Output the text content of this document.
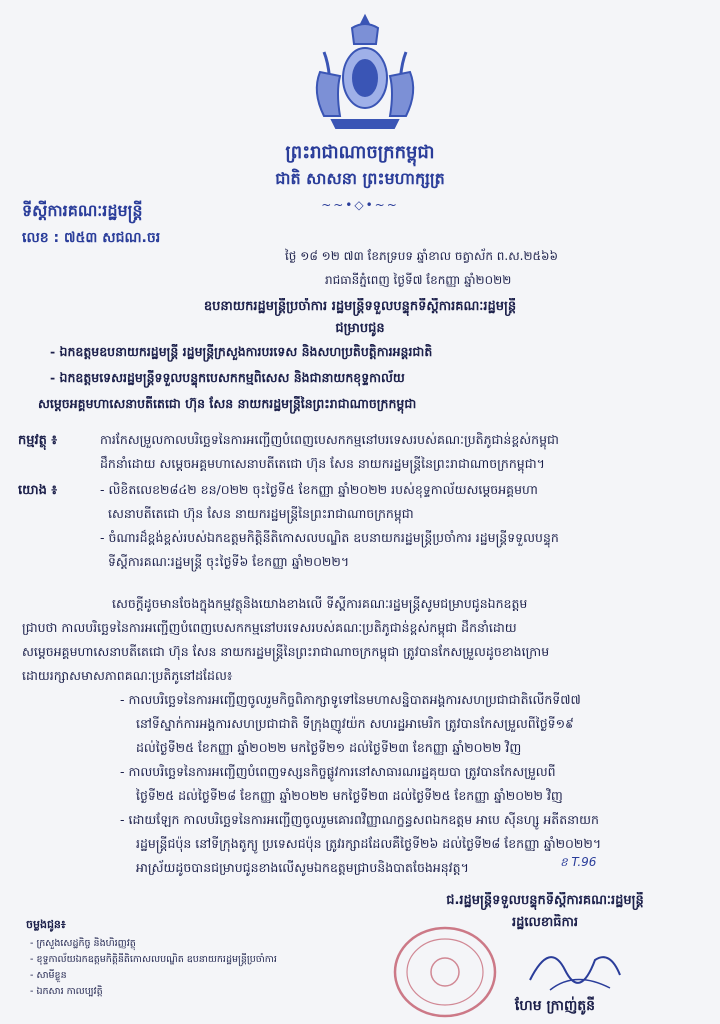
ព្រះរាជាណាចក្រកម្ពុជា
ជាតិ សាសនា ព្រះមហាក្សត្រ
~~•◇•~~
ទីស្ដីការគណៈរដ្ឋមន្ត្រី
លេខ : ៧៥៣ សជណ.ចរ
ថ្ងៃ ១៨ ១២ ៧៣ ខែភទ្របទ ឆ្នាំខាល ចត្វាស័ក ព.ស.២៥៦៦
រាជធានីភ្នំពេញ ថ្ងៃទី៧ ខែកញ្ញា ឆ្នាំ២០២២
ឧបនាយករដ្ឋមន្ត្រីប្រចាំការ រដ្ឋមន្ត្រីទទួលបន្ទុកទីស្ដីការគណៈរដ្ឋមន្ត្រី
ជម្រាបជូន
- ឯកឧត្តមឧបនាយករដ្ឋមន្ត្រី រដ្ឋមន្ត្រីក្រសួងការបរទេស និងសហប្រតិបត្តិការអន្តរជាតិ
- ឯកឧត្តមទេសរដ្ឋមន្ត្រីទទួលបន្ទុកបេសកកម្មពិសេស និងជានាយកខុទ្ទកាល័យ
សម្ដេចអគ្គមហាសេនាបតីតេជោ ហ៊ុន សែន នាយករដ្ឋមន្ត្រីនៃព្រះរាជាណាចក្រកម្ពុជា
កម្មវត្ថុ ៖	ការកែសម្រួលកាលបរិច្ឆេទនៃការអញ្ជើញបំពេញបេសកកម្មនៅបរទេសរបស់គណៈប្រតិភូជាន់ខ្ពស់កម្ពុជា
ដឹកនាំដោយ សម្ដេចអគ្គមហាសេនាបតីតេជោ ហ៊ុន សែន នាយករដ្ឋមន្ត្រីនៃព្រះរាជាណាចក្រកម្ពុជា។
យោង ៖	- លិខិតលេខ២៨៤២ ខន/០២២ ចុះថ្ងៃទី៥ ខែកញ្ញា ឆ្នាំ២០២២ របស់ខុទ្ទកាល័យសម្ដេចអគ្គមហា
សេនាបតីតេជោ ហ៊ុន សែន នាយករដ្ឋមន្ត្រីនៃព្រះរាជាណាចក្រកម្ពុជា
- ចំណារដ៏ខ្ពង់ខ្ពស់របស់ឯកឧត្តមកិត្តិនីតិកោសលបណ្ឌិត ឧបនាយករដ្ឋមន្ត្រីប្រចាំការ រដ្ឋមន្ត្រីទទួលបន្ទុក
ទីស្ដីការគណៈរដ្ឋមន្ត្រី ចុះថ្ងៃទី៦ ខែកញ្ញា ឆ្នាំ២០២២។
សេចក្ដីដូចមានចែងក្នុងកម្មវត្ថុនិងយោងខាងលើ ទីស្ដីការគណៈរដ្ឋមន្ត្រីសូមជម្រាបជូនឯកឧត្តម
ជ្រាបថា កាលបរិច្ឆេទនៃការអញ្ជើញបំពេញបេសកកម្មនៅបរទេសរបស់គណៈប្រតិភូជាន់ខ្ពស់កម្ពុជា ដឹកនាំដោយ
សម្ដេចអគ្គមហាសេនាបតីតេជោ ហ៊ុន សែន នាយករដ្ឋមន្ត្រីនៃព្រះរាជាណាចក្រកម្ពុជា ត្រូវបានកែសម្រួលដូចខាងក្រោម
ដោយរក្សាសមាសភាពគណៈប្រតិភូនៅដដែល៖
- កាលបរិច្ឆេទនៃការអញ្ជើញចូលរួមកិច្ចពិភាក្សាទូទៅនៃមហាសន្និបាតអង្គការសហប្រជាជាតិលើកទី៧៧
នៅទីស្នាក់ការអង្គការសហប្រជាជាតិ ទីក្រុងញូវយ៉ក សហរដ្ឋអាមេរិក ត្រូវបានកែសម្រួលពីថ្ងៃទី១៩
ដល់ថ្ងៃទី២៥ ខែកញ្ញា ឆ្នាំ២០២២ មកថ្ងៃទី២១ ដល់ថ្ងៃទី២៣ ខែកញ្ញា ឆ្នាំ២០២២ វិញ
- កាលបរិច្ឆេទនៃការអញ្ជើញបំពេញទស្សនកិច្ចផ្លូវការនៅសាធារណរដ្ឋគុយបា ត្រូវបានកែសម្រួលពី
ថ្ងៃទី២៥ ដល់ថ្ងៃទី២៨ ខែកញ្ញា ឆ្នាំ២០២២ មកថ្ងៃទី២៣ ដល់ថ្ងៃទី២៥ ខែកញ្ញា ឆ្នាំ២០២២ វិញ
- ដោយឡែក កាលបរិច្ឆេទនៃការអញ្ជើញចូលរួមគោរពវិញ្ញាណក្ខន្ធសពឯកឧត្តម អាបេ ស៊ីនហ្សូ អតីតនាយក
រដ្ឋមន្ត្រីជប៉ុន នៅទីក្រុងតូក្យូ ប្រទេសជប៉ុន ត្រូវរក្សាដដែលគឺថ្ងៃទី២៦ ដល់ថ្ងៃទី២៨ ខែកញ្ញា ឆ្នាំ២០២២។
អាស្រ័យដូចបានជម្រាបជូនខាងលើសូមឯកឧត្តមជ្រាបនិងបាតចែងអនុវត្ត។	ខ T.96
ជ.រដ្ឋមន្ត្រីទទួលបន្ទុកទីស្ដីការគណៈរដ្ឋមន្ត្រី
រដ្ឋលេខាធិការ
ហែម ក្រាញ់តូនី
ចម្លងជូន៖
- ក្រសួងសេដ្ឋកិច្ច និងហិរញ្ញវត្ថុ
- ខុទ្ទកាល័យឯកឧត្តមកិត្តិនីតិកោសលបណ្ឌិត ឧបនាយករដ្ឋមន្ត្រីប្រចាំការ
- សាមីខ្លួន
- ឯកសារ កាលប្បវត្តិ
